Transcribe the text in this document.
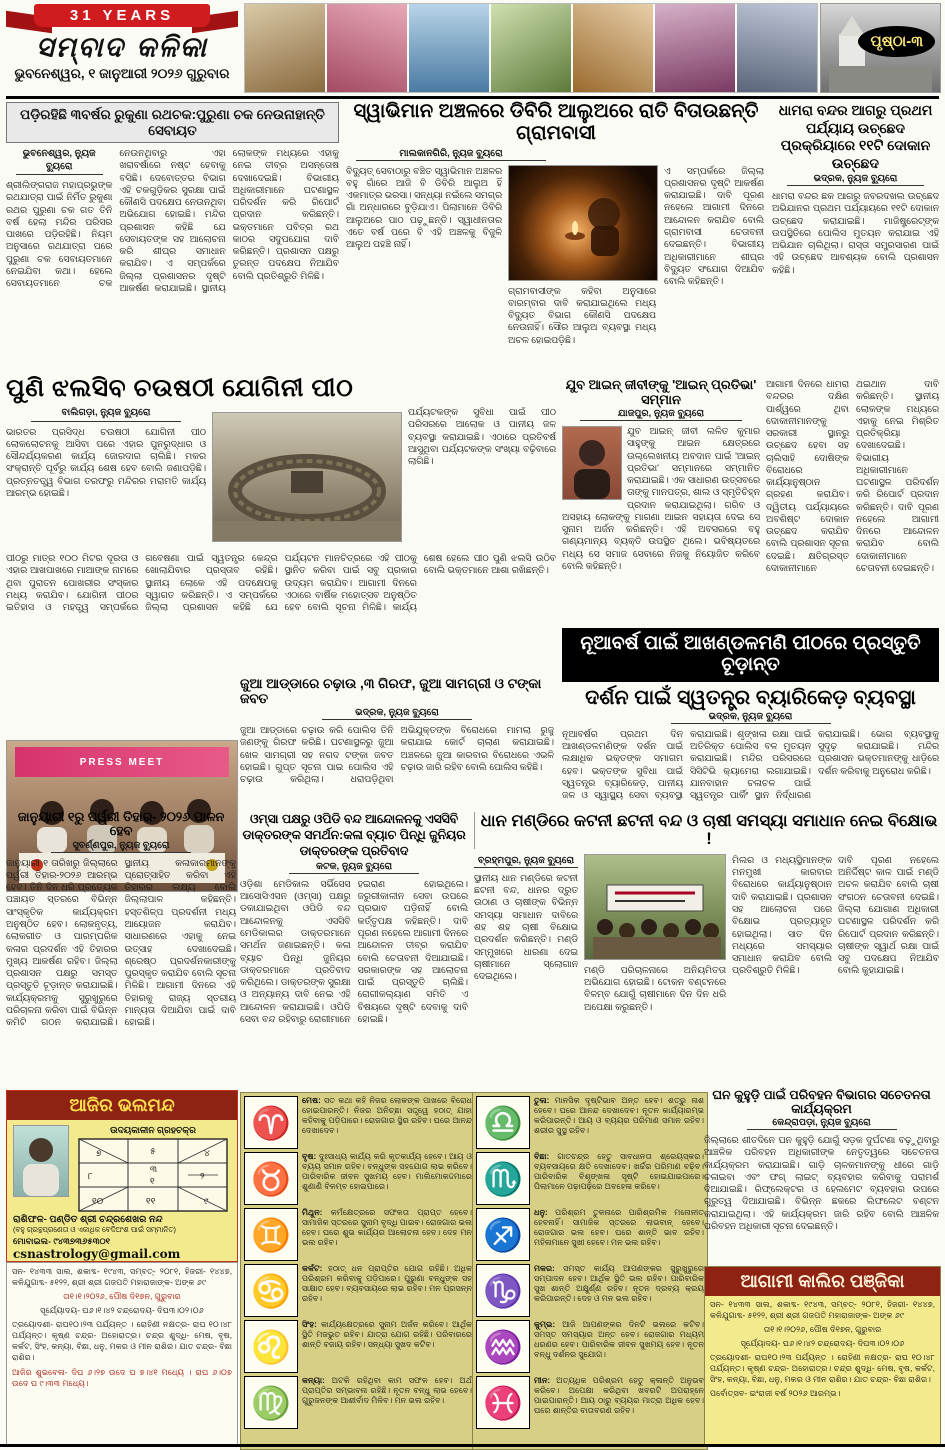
31 YEARS
ସମ୍ବାଦ କଳିକା
ଭୁବନେଶ୍ୱର, ୧ ଜାନୁଆରୀ ୨୦୨୬ ଗୁରୁବାର
ପୃଷ୍ଠା-୩
ପଡ଼ିରହିଛି ୩ବର୍ଷର ରୁକୁଣା ରଥଚକ:ପୁରୁଣା ଚକ ନେଉନାହାନ୍ତି ସେବାୟତ
ଭୁବନେଶ୍ୱର, ନ୍ୟୁଜ ବ୍ୟୁରୋ
ଶ୍ରୀଲିଙ୍ଗରାଜ ମହାପ୍ରଭୁଙ୍କ ରଥଯାତ୍ରା ପାଇଁ ନିର୍ମିତ ରୁକୁଣା ରଥର ପୁରୁଣା ଚକ ଗତ ତିନି ବର୍ଷ ହେଲା ମନ୍ଦିର ପରିସର ପାଖରେ ପଡ଼ିରହିଛି। ନିୟମ ଅନୁସାରେ ରଥଯାତ୍ରା ପରେ ପୁରୁଣା ଚକ ସେବାୟତମାନେ ନେଇଯିବା କଥା। ହେଲେ ସେବାୟତମାନେ ଚକ ନେଉନଥିବାରୁ ଏହା ଖରାବର୍ଷାରେ ନଷ୍ଟ ହେବାକୁ ବସିଛି। ଦେବୋତ୍ତର ବିଭାଗ ଏହି ଚକଗୁଡ଼ିକର ସୁରକ୍ଷା ପାଇଁ କୌଣସି ପଦକ୍ଷେପ ନେଉନଥିବା ଅଭିଯୋଗ ହୋଇଛି। ମନ୍ଦିର ପ୍ରଶାସନ କହିଛି ଯେ ସେବାୟତଙ୍କ ସହ ଆଲୋଚନା କରି ଶୀଘ୍ର ସମାଧାନ କରାଯିବ। ଏ ସମ୍ପର୍କରେ ଜିଲ୍ଲା ପ୍ରଶାସନର ଦୃଷ୍ଟି ଆକର୍ଷଣ କରାଯାଇଛି। ସ୍ଥାନୀୟ ଲୋକଙ୍କ ମଧ୍ୟରେ ଏହାକୁ ନେଇ ତୀବ୍ର ଅସନ୍ତୋଷ ଦେଖାଦେଇଛି। ବିଭାଗୀୟ ଅଧିକାରୀମାନେ ଘଟଣାସ୍ଥଳ ପରିଦର୍ଶନ କରି ରିପୋର୍ଟ ପ୍ରଦାନ କରିଛନ୍ତି। ଭକ୍ତମାନେ ପବିତ୍ର ରଥ କାଠର ସଦୁପଯୋଗ ଦାବି କରିଛନ୍ତି। ପ୍ରଶାସନ ପକ୍ଷରୁ ତୁରନ୍ତ ପଦକ୍ଷେପ ନିଆଯିବ ବୋଲି ପ୍ରତିଶ୍ରୁତି ମିଳିଛି।
ସ୍ୱାଭିମାନ ଅଞ୍ଚଳରେ ଡିବିରି ଆଲୁଅରେ ରାତି ବିତାଉଛନ୍ତି ଗ୍ରାମବାସୀ
ମାଲକାନଗିରି, ନ୍ୟୁଜ ବ୍ୟୁରୋ
ବିଦ୍ୟୁତ୍ ସେବାଠାରୁ ବଞ୍ଚିତ ସ୍ୱାଭିମାନ ଅଞ୍ଚଳର ବହୁ ଗାଁରେ ଆଜି ବି ଡିବିରି ଆଲୁଅ ହିଁ ଏକମାତ୍ର ଭରସା। ସନ୍ଧ୍ୟା ନଇଁଲେ ସମଗ୍ର ଗାଁ ଅନ୍ଧାରରେ ବୁଡ଼ିଯାଏ। ପିଲାମାନେ ଡିବିରି ଆଲୁଅରେ ପାଠ ପଢ଼ୁଛନ୍ତି। ସ୍ୱାଧୀନତାର ଏତେ ବର୍ଷ ପରେ ବି ଏହି ଅଞ୍ଚଳକୁ ବିଜୁଳି ଆଲୁଅ ପହଞ୍ଚି ନାହିଁ।
ଗ୍ରାମବାସୀଙ୍କ କହିବା ଅନୁସାରେ ବାରମ୍ବାର ଦାବି କରାଯାଇଥିଲେ ମଧ୍ୟ ବିଦ୍ୟୁତ ବିଭାଗ କୌଣସି ପଦକ୍ଷେପ ନେଉନାହିଁ। ସୌର ଆଲୁଅ ବ୍ୟବସ୍ଥା ମଧ୍ୟ ଅଚଳ ହୋଇପଡ଼ିଛି।
ଏ ସମ୍ପର୍କରେ ଜିଲ୍ଲା ପ୍ରଶାସନର ଦୃଷ୍ଟି ଆକର୍ଷଣ କରାଯାଇଛି। ଦାବି ପୂରଣ ନହେଲେ ଆଗାମୀ ଦିନରେ ଆନ୍ଦୋଳନ କରାଯିବ ବୋଲି ଗ୍ରାମବାସୀ ଚେତାବନୀ ଦେଇଛନ୍ତି। ବିଭାଗୀୟ ଅଧିକାରୀମାନେ ଶୀଘ୍ର ବିଦ୍ୟୁତ ସଂଯୋଗ ଦିଆଯିବ ବୋଲି କହିଛନ୍ତି।
ଧାମରା ବନ୍ଦର ଆଗରୁ ପ୍ରଥମ ପର୍ଯ୍ୟାୟ ଉଚ୍ଛେଦ ପ୍ରକ୍ରିୟାରେ ୧୧ଟି ଦୋକାନ ଉଚ୍ଛେଦ
ଭଦ୍ରକ, ନ୍ୟୁଜ ବ୍ୟୁରୋ
ଧାମରା ବନ୍ଦର ଛକ ଆଗରୁ ଜବରଦଖଲ ଉଚ୍ଛେଦ ଅଭିଯାନର ପ୍ରଥମ ପର୍ଯ୍ୟାୟରେ ୧୧ଟି ଦୋକାନ ଉଚ୍ଛେଦ କରାଯାଇଛି। ମାଜିଷ୍ଟ୍ରେଟ୍‌ଙ୍କ ଉପସ୍ଥିତିରେ ପୋଲିସ ମୁତୟନ କରାଯାଇ ଏହି ଅଭିଯାନ ଚାଲିଥିଲା। ରାସ୍ତା ସମ୍ପ୍ରସାରଣ ପାଇଁ ଏହି ଉଚ୍ଛେଦ ଆବଶ୍ୟକ ବୋଲି ପ୍ରଶାସନ କହିଛି।
ପୁଣି ଝଲସିବ ଚଉଷଠୀ ଯୋଗିନୀ ପୀଠ
ବାଲିଗଡ଼ା, ନ୍ୟୁଜ ବ୍ୟୁରୋ
ଭାରତର ପ୍ରସିଦ୍ଧ ଚଉଷଠୀ ଯୋଗିନୀ ପୀଠ ଲୋକଲୋଚନକୁ ଆସିବା ପରେ ଏହାର ପୁନରୁଦ୍ଧାର ଓ ସୌନ୍ଦର୍ଯ୍ୟକରଣ କାର୍ଯ୍ୟ ଜୋରଦାର ଚାଲିଛି। ମକର ସଂକ୍ରାନ୍ତି ପୂର୍ବରୁ କାର୍ଯ୍ୟ ଶେଷ ହେବ ବୋଲି ଜଣାପଡ଼ିଛି। ପ୍ରତ୍ନତତ୍ତ୍ୱ ବିଭାଗ ତରଫରୁ ମନ୍ଦିରର ମରାମତି କାର୍ଯ୍ୟ ଆରମ୍ଭ ହୋଇଛି।
ପର୍ଯ୍ୟଟକଙ୍କ ସୁବିଧା ପାଇଁ ପୀଠ ପରିସରରେ ଆଲୋକ ଓ ପାନୀୟ ଜଳ ବ୍ୟବସ୍ଥା କରାଯାଇଛି। ଏଠାରେ ପ୍ରତିବର୍ଷ ଆସୁଥିବା ପର୍ଯ୍ୟଟକଙ୍କ ସଂଖ୍ୟା ବଢ଼ିବାରେ ଲାଗିଛି।
ପୀଠରୁ ମାତ୍ର ୧୦୦ ମିଟର ଦୂରତା ଓ ଏହାର ଆଖପାଖରେ ମାଆଙ୍କ ନାମରେ ଥିବା ପୁରାତନ ପୋଖରୀର ସଂସ୍କାର ମଧ୍ୟ କରାଯିବ। ଯୋଗିନୀ ପୀଠର ଇତିହାସ ଓ ମହତ୍ତ୍ୱ ସମ୍ପର୍କରେ ଗବେଷଣା ପାଇଁ ସ୍ୱତନ୍ତ୍ର କେନ୍ଦ୍ର ଖୋଲାଯିବାର ପ୍ରସ୍ତାବ ରହିଛି। ସ୍ଥାନୀୟ ଲୋକେ ଏହି ପଦକ୍ଷେପକୁ ସ୍ୱାଗତ କରିଛନ୍ତି। ଏ ସମ୍ପର୍କରେ ଜିଲ୍ଲା ପ୍ରଶାସନ କହିଛି ଯେ ପର୍ଯ୍ୟଟନ ମାନଚିତ୍ରରେ ଏହି ପୀଠକୁ ସ୍ଥାନିତ କରିବା ପାଇଁ ସବୁ ପ୍ରକାର ଉଦ୍ୟମ କରାଯିବ। ଆଗାମୀ ଦିନରେ ଏଠାରେ ବାର୍ଷିକ ମହୋତ୍ସବ ଅନୁଷ୍ଠିତ ହେବ ବୋଲି ସୂଚନା ମିଳିଛି। କାର୍ଯ୍ୟ ଶେଷ ହେଲେ ପୀଠ ପୁଣି ଝଲସି ଉଠିବ ବୋଲି ଭକ୍ତମାନେ ଆଶା ରଖିଛନ୍ତି।
ଯୁବ ଆଇନ୍ ଜୀବୀଙ୍କୁ 'ଆଇନ୍ ପ୍ରତିଭା' ସମ୍ମାନ
ଯାଜପୁର, ନ୍ୟୁଜ ବ୍ୟୁରୋ
ଯୁବ ଆଇନ୍ ଜୀବୀ ଲଳିତ କୁମାର ସାହୁଙ୍କୁ ଆଇନ କ୍ଷେତ୍ରରେ ଉଲ୍ଲେଖନୀୟ ଅବଦାନ ପାଇଁ 'ଆଇନ୍ ପ୍ରତିଭା' ସମ୍ମାନରେ ସମ୍ମାନିତ କରାଯାଇଛି। ଏକ ସାଧାରଣ ଉତ୍ସବରେ ତାଙ୍କୁ ମାନପତ୍ର, ଶାଲ ଓ ସ୍ମୃତିଚିହ୍ନ ପ୍ରଦାନ କରାଯାଇଥିଲା। ଗରିବ ଓ ଅସହାୟ ଲୋକଙ୍କୁ ମାଗଣା ଆଇନ ସହାୟତା ଦେଇ ସେ ସୁନାମ ଅର୍ଜନ କରିଛନ୍ତି। ଏହି ଅବସରରେ ବହୁ ଗଣ୍ୟମାନ୍ୟ ବ୍ୟକ୍ତି ଉପସ୍ଥିତ ଥିଲେ। ଭବିଷ୍ୟତରେ ମଧ୍ୟ ସେ ସମାଜ ସେବାରେ ନିଜକୁ ନିୟୋଜିତ କରିବେ ବୋଲି କହିଛନ୍ତି।
ଆଗାମୀ ଦିନରେ ଧାମରା ବନ୍ଦରର ଦକ୍ଷିଣ ପାର୍ଶ୍ୱରେ ଥିବା ଦୋକାନୀମାନଙ୍କୁ ସରକାରୀ ସ୍ଥାନରୁ ଉଚ୍ଛେଦ ହେବା ସହ ଚାଲିସାହି ଦୋଷିଙ୍କ ବିରୋଧରେ କାର୍ଯ୍ୟାନୁଷ୍ଠାନ ଗ୍ରହଣ କରାଯିବ। ଦ୍ୱିତୀୟ ପର୍ଯ୍ୟାୟରେ ଅବଶିଷ୍ଟ ଦୋକାନ ଉଚ୍ଛେଦ କରାଯିବ ବୋଲି ପ୍ରଶାସନ ସୂଚନା ଦେଇଛି। କ୍ଷତିଗ୍ରସ୍ତ ଦୋକାନୀମାନେ ଥଇଥାନ ଦାବି କରିଛନ୍ତି। ସ୍ଥାନୀୟ ଲୋକଙ୍କ ମଧ୍ୟରେ ଏହାକୁ ନେଇ ମିଶ୍ରିତ ପ୍ରତିକ୍ରିୟା ଦେଖାଦେଇଛି। ବିଭାଗୀୟ ଅଧିକାରୀମାନେ ଘଟଣାସ୍ଥଳ ପରିଦର୍ଶନ କରି ରିପୋର୍ଟ ପ୍ରଦାନ କରିଛନ୍ତି। ଦାବି ପୂରଣ ନହେଲେ ଆଗାମୀ ଦିନରେ ଆନ୍ଦୋଳନ କରାଯିବ ବୋଲି ଦୋକାନୀମାନେ ଚେତାବନୀ ଦେଇଛନ୍ତି।
ନୂଆବର୍ଷ ପାଇଁ ଆଖଣ୍ଡଳମଣି ପୀଠରେ ପ୍ରସ୍ତୁତି ଚୂଡ଼ାନ୍ତ
ଦର୍ଶନ ପାଇଁ ସ୍ୱତନ୍ତ୍ର ବ୍ୟାରିକେଡ଼ ବ୍ୟବସ୍ଥା
ଭଦ୍ରକ, ନ୍ୟୁଜ ବ୍ୟୁରୋ
ନୂଆବର୍ଷର ପ୍ରଥମ ଦିନ ଆଖଣ୍ଡଳମଣିଙ୍କ ଦର୍ଶନ ପାଇଁ ଲକ୍ଷାଧିକ ଭକ୍ତଙ୍କ ସମାଗମ ହେବ। ଭକ୍ତଙ୍କ ସୁବିଧା ପାଇଁ ସ୍ୱତନ୍ତ୍ର ବ୍ୟାରିକେଡ଼, ପାନୀୟ ଜଳ ଓ ସ୍ୱାସ୍ଥ୍ୟ ସେବା ବ୍ୟବସ୍ଥା କରାଯାଇଛି। ଶୃଙ୍ଖଳା ରକ୍ଷା ପାଇଁ ଅତିରିକ୍ତ ପୋଲିସ ବଳ ମୁତୟନ କରାଯାଇଛି। ମନ୍ଦିର ପରିସରରେ ସିସିଟିଭି କ୍ୟାମେରା ଲଗାଯାଇଛି। ଯାନବାହାନ ଚଳାଚଳ ପାଇଁ ସ୍ୱତନ୍ତ୍ର ପାର୍କିଂ ସ୍ଥାନ ନିର୍ଦ୍ଧାରଣ କରାଯାଇଛି। ଭୋଗ ବ୍ୟବସ୍ଥାକୁ ସୁଦୃଢ଼ କରାଯାଇଛି। ମନ୍ଦିର ପ୍ରଶାସନ ଭକ୍ତମାନଙ୍କୁ ଧାଡ଼ିରେ ଦର୍ଶନ କରିବାକୁ ଅନୁରୋଧ କରିଛି।
ଜୁଆ ଆଡ୍ଡାରେ ଚଢ଼ାଉ ,୩ ଗିରଫ, ଜୁଆ ସାମଗ୍ରୀ ଓ ଟଙ୍କା ଜବତ
ଭଦ୍ରକ, ନ୍ୟୁଜ ବ୍ୟୁରୋ
ଜୁଆ ଆଡ୍ଡାରେ ଚଢ଼ାଉ କରି ପୋଲିସ ତିନି ଜଣଙ୍କୁ ଗିରଫ କରିଛି। ଘଟଣାସ୍ଥଳରୁ ଜୁଆ ଖେଳ ସାମଗ୍ରୀ ସହ ନଗଦ ଟଙ୍କା ଜବତ ହୋଇଛି। ଗୁପ୍ତ ସୂଚନା ପାଇ ପୋଲିସ ଏହି ଚଢ଼ାଉ କରିଥିଲା। ଧରାପଡ଼ିଥିବା ଅଭିଯୁକ୍ତଙ୍କ ବିରୋଧରେ ମାମଲା ରୁଜୁ କରାଯାଇ କୋର୍ଟ ଚାଲାଣ କରାଯାଇଛି। ଅଞ୍ଚଳରେ ଜୁଆ କାରବାର ବିରୋଧରେ ଏଭଳି ଚଢ଼ାଉ ଜାରି ରହିବ ବୋଲି ପୋଲିସ କହିଛି।
PRESS MEET
ଜାନୁୟାରୀ ୧ରୁ ପର୍ୱରୀ ତିହାର- ୨୦୨୬ ପାଳନ ହେବ
ସୁବର୍ଣ୍ଣପୁର, ନ୍ୟୁଜ ବ୍ୟୁରୋ
ଜାନୁୟାରୀ ୧ ତାରିଖରୁ ଜିଲ୍ଲାରେ ପର୍ୱରୀ ତିହାର-୨୦୨୬ ଆରମ୍ଭ ହେବ। ତିନି ଦିନ ଧରି ପ୍ରତ୍ୟେକ ପଞ୍ଚାୟତ ସ୍ତରରେ ବିଭିନ୍ନ ସାଂସ୍କୃତିକ କାର୍ଯ୍ୟକ୍ରମ ଅନୁଷ୍ଠିତ ହେବ। ଲୋକନୃତ୍ୟ, ଲୋକଗୀତ ଓ ପାରମ୍ପରିକ କଳାର ପ୍ରଦର୍ଶନ ଏହି ତିହାରର ମୁଖ୍ୟ ଆକର୍ଷଣ ରହିବ। ଜିଲ୍ଲା ପ୍ରଶାସନ ପକ୍ଷରୁ ସମସ୍ତ ପ୍ରସ୍ତୁତି ଚୂଡ଼ାନ୍ତ କରାଯାଇଛି। କାର୍ଯ୍ୟକ୍ରମକୁ ସୁରୁଖୁରୁରେ ପରିଚାଳନା କରିବା ପାଇଁ ବିଭିନ୍ନ କମିଟି ଗଠନ କରାଯାଇଛି। ସ୍ଥାନୀୟ କଳାକାରମାନଙ୍କୁ ପ୍ରୋତ୍ସାହିତ କରିବା ଏହି ତିହାରର ଲକ୍ଷ୍ୟ ବୋଲି ଜିଲ୍ଲାପାଳ କହିଛନ୍ତି। ହସ୍ତଶିଳ୍ପ ପ୍ରଦର୍ଶନୀ ମଧ୍ୟ ଆୟୋଜନ କରାଯିବ। ସାଧାରଣରେ ଏହାକୁ ନେଇ ଉତ୍ସାହ ଦେଖାଦେଇଛି। ଶ୍ରେଷ୍ଠ ପ୍ରଦର୍ଶନକାରୀଙ୍କୁ ପୁରସ୍କୃତ କରାଯିବ ବୋଲି ସୂଚନା ମିଳିଛି। ଆଗାମୀ ଦିନରେ ଏହି ତିହାରକୁ ରାଜ୍ୟ ସ୍ତରୀୟ ମାନ୍ୟତା ଦିଆଯିବା ପାଇଁ ଦାବି ହୋଇଛି।
ଓମ୍ସା ପକ୍ଷରୁ ଓପିଡି ବନ୍ଦ ଆନ୍ଦୋଳନକୁ ଏସସିବି ଡାକ୍ତରଙ୍କ ସମର୍ଥନ:କଳା ବ୍ୟାଚ ପିନ୍ଧି ଜୁନିୟର ଡାକ୍ତରଙ୍କ ପ୍ରତିବାଦ
କଟକ, ନ୍ୟୁଜ ବ୍ୟୁରୋ
ଓଡ଼ିଶା ମେଡିକାଲ ସର୍ଭିସେସ ଆସୋସିଏସନ (ଓମ୍ସା) ପକ୍ଷରୁ ଡକାଯାଇଥିବା ଓପିଡି ବନ୍ଦ ଆନ୍ଦୋଳନକୁ ଏସସିବି ମେଡିକାଲର ଡାକ୍ତରମାନେ ସମର୍ଥନ ଜଣାଇଛନ୍ତି। କଳା ବ୍ୟାଚ ପିନ୍ଧି ଜୁନିୟର ଡାକ୍ତରମାନେ ପ୍ରତିବାଦ କରିଥିଲେ। ଡାକ୍ତରଙ୍କ ସୁରକ୍ଷା ଓ ଅନ୍ୟାନ୍ୟ ଦାବି ନେଇ ଏହି ଆନ୍ଦୋଳନ କରାଯାଇଛି। ଓପିଡି ସେବା ବନ୍ଦ ରହିବାରୁ ରୋଗୀମାନେ ହଇରାଣ ହୋଇଥିଲେ। ଜରୁରୀକାଳୀନ ସେବା ଉପରେ ପ୍ରଭାବ ପଡ଼ିନାହିଁ ବୋଲି କର୍ତ୍ତୃପକ୍ଷ କହିଛନ୍ତି। ଦାବି ପୂରଣ ନହେଲେ ଆଗାମୀ ଦିନରେ ଆନ୍ଦୋଳନ ତୀବ୍ର କରାଯିବ ବୋଲି ଚେତାବନୀ ଦିଆଯାଇଛି। ସରକାରଙ୍କ ସହ ଆଲୋଚନା ପାଇଁ ପ୍ରସ୍ତୁତି ଚାଲିଛି। ରୋଗୀକଲ୍ୟାଣ ସମିତି ଏ ବିଷୟରେ ଦୃଷ୍ଟି ଦେବାକୁ ଦାବି ହୋଇଛି।
ଧାନ ମଣ୍ଡିରେ କଟନୀ ଛଟନୀ ବନ୍ଦ ଓ ଚାଷୀ ସମସ୍ୟା ସମାଧାନ ନେଇ ବିକ୍ଷୋଭ !
ବ୍ରହ୍ମପୁର, ନ୍ୟୁଜ ବ୍ୟୁରୋ
ସ୍ଥାନୀୟ ଧାନ ମଣ୍ଡିରେ କଟନୀ ଛଟନୀ ବନ୍ଦ, ଧାନର ଦ୍ରୁତ ଉଠାଣ ଓ ଚାଷୀଙ୍କ ବିଭିନ୍ନ ସମସ୍ୟା ସମାଧାନ ଦାବିରେ ଶହ ଶହ ଚାଷୀ ବିକ୍ଷୋଭ ପ୍ରଦର୍ଶନ କରିଛନ୍ତି। ମଣ୍ଡି ସମ୍ମୁଖରେ ଧାରଣା ଦେଇ ଚାଷୀମାନେ ସ୍ଲୋଗାନ ଦେଇଥିଲେ।
ମଣ୍ଡି ପରିଚାଳନାରେ ଅନିୟମିତତା ଅଭିଯୋଗ ହୋଇଛି। ଟୋକନ ବଣ୍ଟନରେ ବିଳମ୍ବ ଯୋଗୁଁ ଚାଷୀମାନେ ଦିନ ଦିନ ଧରି ଅପେକ୍ଷା କରୁଛନ୍ତି।
ମିଲର ଓ ମଧ୍ୟସ୍ଥିମାନଙ୍କ ମନମୁଖୀ କାରବାର ବିରୋଧରେ କାର୍ଯ୍ୟାନୁଷ୍ଠାନ ଦାବି କରାଯାଇଛି। ପ୍ରଶାସନ ସହ ଆଲୋଚନା ପରେ ବିକ୍ଷୋଭ ପ୍ରତ୍ୟାହୃତ ହୋଇଥିଲା। ସାତ ଦିନ ମଧ୍ୟରେ ସମସ୍ୟାର ସମାଧାନ କରାଯିବ ବୋଲି ପ୍ରତିଶ୍ରୁତି ମିଳିଛି।
ଦାବି ପୂରଣ ନହେଲେ ଅନିର୍ଦ୍ଦିଷ୍ଟ କାଳ ପାଇଁ ମଣ୍ଡି ଅଚଳ କରାଯିବ ବୋଲି ଚାଷୀ ସଂଗଠନ ଚେତାବନୀ ଦେଇଛି। ଜିଲ୍ଲା ଯୋଗାଣ ଅଧିକାରୀ ଘଟଣାସ୍ଥଳ ପରିଦର୍ଶନ କରି ରିପୋର୍ଟ ପ୍ରଦାନ କରିଛନ୍ତି। ଚାଷୀଙ୍କ ସ୍ୱାର୍ଥ ରକ୍ଷା ପାଇଁ ସବୁ ପଦକ୍ଷେପ ନିଆଯିବ ବୋଲି କୁହାଯାଇଛି।
ଆଜିର ଭଲମନ୍ଦ
ଉଦୟକାଳୀନ ଗ୍ରହଚକ୍ର
୭	୫	୪
୮
୩
୧	୨
୧୦	୧୧	୯
ରାଶିଫଳ- ପଣ୍ଡିତ ଶ୍ରୀ ଚନ୍ଦ୍ରଶେଖର ନନ୍ଦ
(ବହୁ ଗ୍ରନ୍ଥପ୍ରଣେତା ଓ ଏକାଧିକ ବେଦିଅଂଶ ପାଇଁ ସମ୍ମାନିତ)
ମୋବାଇଲ- ୯୪୩୭୩୬୫୩୦୧
csnastrology@gmail.com
ସନ- ୧୪୩୩ ସାଲ, ଶକାବ୍ଦ- ୧୯୪୩, ସମ୍ବତ୍- ୨୦୮୧, ହିଜରୀ- ୧୪୪୭, କଳିଯୁଗାବ୍ଦ- ୫୧୨୨, ଶ୍ରୀ ଶ୍ରୀ ଗଜପତି ମହାରାଜାଙ୍କ- ଅଙ୍କ ୬୯
ତା୧।୧।୨୦୨୬, ପୌଷ ଦି୧୭ନ, ଗୁରୁବାର
ସୂର୍ଯ୍ୟୋଦୟ- ଘ୬।୧।୪୨ ଚନ୍ଦ୍ରୋଦୟ- ଦିଘ୩।୦୨।୦୬
ତ୍ରୟୋଦଶୀ- ରାଘ୧୦।୨୩ ପର୍ଯ୍ୟନ୍ତ । ରୋହିଣୀ ନକ୍ଷତ୍ର- ରାଘ ୧୦।୪୮ ପର୍ଯ୍ୟନ୍ତ। କୃଷ୍ଣ ଚନ୍ଦ୍ର- ଅହୋରାତ୍ର। ଚନ୍ଦ୍ର ଶୁଦ୍ଧି- ମେଷ, ବୃଷ, କର୍କଟ, ସିଂହ, କନ୍ୟା, ବିଛା, ଧନୁ, ମକର ଓ ମୀନ ରାଶିର। ଯାତ ଚନ୍ଦ୍ର- ବିଛା ରାଶିର।
ଆଜିର ଶୁଭବେଳା- ଦିଘ ୬।୨୭ ଉଦେ ଘ ୭।୪୧ ମଧ୍ୟେ । ରାଘ ୬।୦୭ ଉଦେ ଘ ୯।୩୩ ମଧ୍ୟେ।
♈
ମେଷ: ସତ କଥା କହି ନିଜର ଲୋକଙ୍କ ପାଖରେ ବିରୋଧ ହୋଇପାରନ୍ତି। ନିଜର ଅନିଚ୍ଛା ସତ୍ତ୍ୱେ ହଠାତ୍ ଯାହା କହିବାକୁ ପଡ଼ିପାରେ। ରୋଜଗାର ସ୍ଥିର ରହିବ। ଘରେ ଆନନ୍ଦ ଦେଖାଦେବ।
♉
ବୃଷ: ଦୁଃସାଧ୍ୟ କାର୍ଯ୍ୟ କରି କୃତକାର୍ଯ୍ୟ ହେବେ। ଆୟ ଓ ବ୍ୟୟ ସମାନ ରହିବ। ବନ୍ଧୁଙ୍କ ସହଯୋଗ ଲାଭ କରିବେ। ପାରିବାରିକ ଜୀବନ ସୁଖମୟ ହେବ। ମାଲିମୋକଦ୍ଦମାରେ ଶୁଣାଣି ବିଳମ୍ବ ହୋଇପାରେ।
♊
ମିଥୁନ: କର୍ମକ୍ଷେତ୍ରରେ ସଫଳତା ପ୍ରାପ୍ତ ହେବେ। ସାମାଜିକ ସ୍ତରରେ ସୁନାମ ବୃଦ୍ଧି ପାଇବ। ରୋଜଗାର ଭଲ ହେବ। ଘରେ ଶୁଭ କାର୍ଯ୍ୟର ଆଲୋଚନା ହେବ। ଦେହ ମନ ଭଲ ରହିବ।
♋
କର୍କଟ: ହଠାତ୍ ଧନ ପ୍ରାପ୍ତିର ଯୋଗ ରହିଛି। ଅଧିକ ପରିଶ୍ରମ କରିବାକୁ ପଡ଼ିପାରେ। ପୁରୁଣା ବନ୍ଧୁଙ୍କ ସହ ସାକ୍ଷାତ ହେବ। ବ୍ୟବସାୟରେ ଲାଭ ରହିବ। ମନ ପ୍ରସନ୍ନ ରହିବ।
♌
ସିଂହ: କାର୍ଯ୍ୟକ୍ଷେତ୍ରରେ ସୁନାମ ଅର୍ଜନ କରିବେ। ଆର୍ଥିକ ସ୍ଥିତି ମଜଭୁତ ରହିବ। ଯାତ୍ରା ଯୋଗ ରହିଛି। ପରିବାରରେ ଶାନ୍ତି ବଜାୟ ରହିବ। ସନ୍ଧ୍ୟା ସୁଖଦ କଟିବ।
♍
କନ୍ୟା: ଅଟକି ରହିଥିବା କାମ ସଫଳ ହେବ। ଅର୍ଥ ପ୍ରାପ୍ତିର ସମ୍ଭାବନା ରହିଛି। ନୂତନ ବନ୍ଧୁ ଲାଭ ହେବେ। ଗୁରୁଜନଙ୍କ ଆଶୀର୍ବାଦ ମିଳିବ। ମନ ଭଲ ରହିବ।
♎
ତୁଳା: ମାନସିକ ଦୃଷ୍ଟିଭାବ ଅନ୍ତ ହେବ। ଶତ୍ରୁ ନାଶ ହେବେ। ଘରେ ଆନନ୍ଦ ଦେଖାଦେବ। ନୂତନ କାର୍ଯ୍ୟାରମ୍ଭ କରିପାରନ୍ତି। ଆୟ ଓ ବ୍ୟୟର ପରିମାଣ ସମାନ ରହିବ। ଶରୀର ସୁସ୍ଥ ରହିବ।
♏
ବିଛା: ଗାତଚନ୍ଦ୍ର ହେତୁ ସାବଧାନତା ଶ୍ରେୟସ୍କର। ବ୍ୟବସାୟରେ କ୍ଷତି ଦେଖାଦେବ। ଖର୍ଚ୍ଚର ପରିମାଣ ବଢ଼ିବ। ପାରିବାରିକ ବିଶୃଙ୍ଖଳା ସୃଷ୍ଟି ହୋଇଯାଇପାରେ। ପିଲାମାନେ ପଢ଼ାପଢ଼ିରେ ଅବହେଳା କରିବେ।
♐
ଧନୁ: ପରିଶ୍ରମ ତୁଳନାରେ ପାରିଶ୍ରମିକ ମନୋନୀତ ହେବନାହିଁ। ସାମାଜିକ ସ୍ତରରେ ଲାଭବାନ୍ ହେବେ। ରୋଜଗାର ଭଲ ହେବ। ଘରେ ଶାନ୍ତି ଭାବ ରହିବ। ମହିଳାମାନେ ସୁଖୀ ହେବେ। ମନ ଭଲ ରହିବ।
♑
ମକର: ସମସ୍ତ କାର୍ଯ୍ୟ ଆପଣଙ୍କର ସୁରୁଖୁରୁରେ ସମ୍ପାଦନ ହେବ। ଆର୍ଥିକ ସ୍ଥିତି ଭଲ ରହିବ। ପାରିବାରିକ ସୁଖ ଶାନ୍ତି ଅକ୍ଷୁର୍ଣ୍ଣ ରହିବ। ନୂତନ ଦ୍ରବ୍ୟ କ୍ରୟ କରିପାରନ୍ତି। ଦେହ ଓ ମନ ଭଲ ରହିବ।
♒
କୁମ୍ଭ: ଆଜି ଆପଣଙ୍କର ଦିନଟି ଭଲରେ କଟିବ। ସମସ୍ତ ସମସ୍ୟାର ଅନ୍ତ ହେବ। ରୋଜଗାର ମଧ୍ୟମ ଧରଣର ହେବ। ପାରିବାରିକ ଜୀବନ ସୁଖମୟ ହେବ। ନୂତନ ବନ୍ଧୁ ଦର୍ଶନର ସୁଯୋଗ।
♓
ମୀନ: ଅତ୍ୟଧିକ ପରିଶ୍ରମ ହେତୁ କ୍ଳାନ୍ତି ଅନୁଭବ କରିବେ। ଅପେକ୍ଷା କରିଥିବା ଖବରଟି ଅପରାହ୍ନେ ପାଇପାରନ୍ତି। ଆୟ ଠାରୁ ବ୍ୟୟର ମାତ୍ରା ଅଧିକ ହେବ। ଘରେ ଶାନ୍ତିର ବାତାବରଣ ରହିବ।
ଘନ କୁହୁଡ଼ି ପାଇଁ ପରିବହନ ବିଭାଗର ସଚେତନତା କାର୍ଯ୍ୟକ୍ରମ
କେନ୍ଦ୍ରାପଡ଼ା, ନ୍ୟୁଜ ବ୍ୟୁରୋ
ଜିଲ୍ଲାରେ ଶୀତଦିନେ ଘନ କୁହୁଡ଼ି ଯୋଗୁଁ ସଡ଼କ ଦୁର୍ଘଟଣା ବଢ଼ୁଥିବାରୁ ଆଞ୍ଚଳିକ ପରିବହନ ଅଧିକାରୀଙ୍କ ନେତୃତ୍ୱରେ ସଚେତନତା କାର୍ଯ୍ୟକ୍ରମ କରାଯାଇଛି। ଗାଡ଼ି ଚାଳକମାନଙ୍କୁ ଧୀରେ ଗାଡ଼ି ଚଳାଇବା ଏବଂ ଫଗ୍ ଲାଇଟ୍ ବ୍ୟବହାର କରିବାକୁ ପରାମର୍ଶ ଦିଆଯାଇଛି। ରିଫ୍ଲେକ୍ଟର ଓ ହେଲମେଟ ବ୍ୟବହାର ଉପରେ ଗୁରୁତ୍ୱ ଦିଆଯାଇଛି। ବିଭିନ୍ନ ଛକରେ ଲିଫଲେଟ ବଣ୍ଟନ କରାଯାଇଥିଲା। ଏହି କାର୍ଯ୍ୟକ୍ରମ ଜାରି ରହିବ ବୋଲି ଆଞ୍ଚଳିକ ପରିବହନ ଅଧିକାରୀ ସୂଚନା ଦେଇଛନ୍ତି।
ଆଗାମୀ କାଲିର ପଞ୍ଜିକା
ସନ- ୧୪୩୩ ସାଲ, ଶକାବ୍ଦ- ୧୯୪୩, ସମ୍ବତ୍- ୨୦୮୧, ହିଜରୀ- ୧୪୪୭, କଳିଯୁଗାବ୍ଦ- ୫୧୨୨, ଶ୍ରୀ ଶ୍ରୀ ଗଜପତି ମହାରାଜାଙ୍କ- ଅଙ୍କ ୬୯
ତା୧।୧।୨୦୨୬, ପୌଷ ଦି୧୭ନ, ଗୁରୁବାର
ସୂର୍ଯ୍ୟୋଦୟ- ଘ୬।୧।୪୨ ଚନ୍ଦ୍ରୋଦୟ- ଦିଘ୩।୦୨।୦୬
ତ୍ରୟୋଦଶୀ- ରାଘ୧୦।୨୩ ପର୍ଯ୍ୟନ୍ତ । ରୋହିଣୀ ନକ୍ଷତ୍ର- ରାଘ ୧୦।୪୮ ପର୍ଯ୍ୟନ୍ତ। କୃଷ୍ଣ ଚନ୍ଦ୍ର- ଅହୋରାତ୍ର। ଚନ୍ଦ୍ର ଶୁଦ୍ଧି- ମେଷ, ବୃଷ, କର୍କଟ, ସିଂହ, କନ୍ୟା, ବିଛା, ଧନୁ, ମକର ଓ ମୀନ ରାଶିର। ଯାତ ଚନ୍ଦ୍ର- ବିଛା ରାଶିର।
ପର୍ବୋତ୍ସବ- ଇଂରାଜୀ ବର୍ଷ ୨୦୨୬ ଆରମ୍ଭ।
